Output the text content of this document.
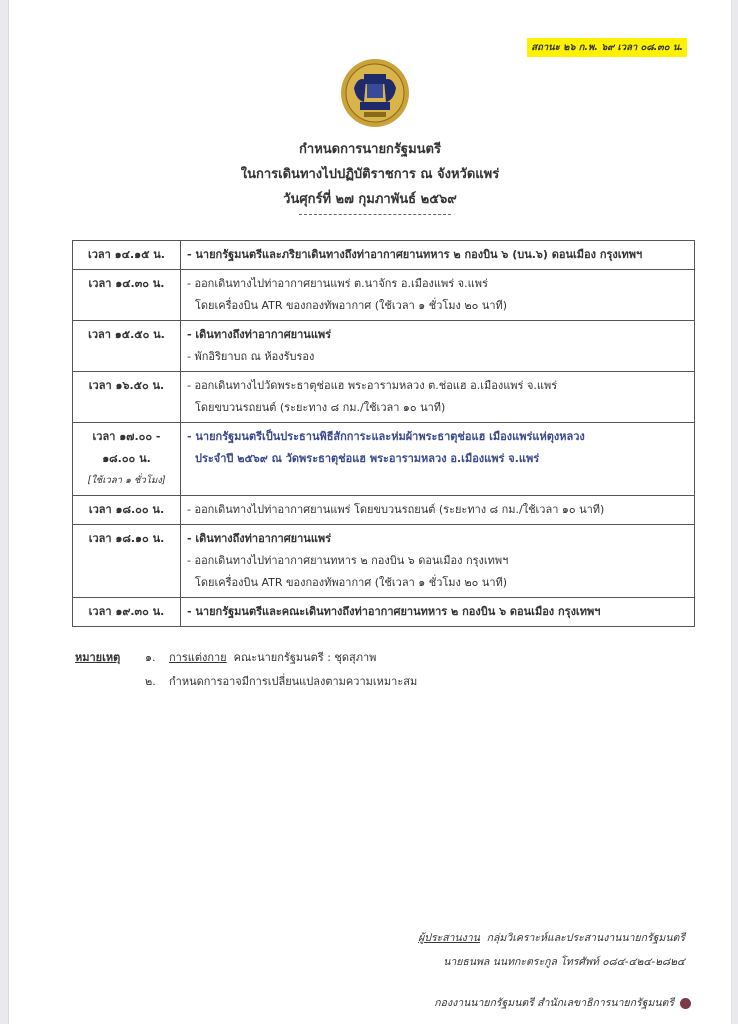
สถานะ ๒๖ ก.พ. ๖๙ เวลา ๐๘.๓๐ น.
กำหนดการนายกรัฐมนตรี
ในการเดินทางไปปฏิบัติราชการ ณ จังหวัดแพร่
วันศุกร์ที่ ๒๗ กุมภาพันธ์ ๒๕๖๙
เวลา ๑๔.๑๕ น.	- นายกรัฐมนตรีและภริยาเดินทางถึงท่าอากาศยานทหาร ๒ กองบิน ๖ (บน.๖) ดอนเมือง กรุงเทพฯ

เวลา ๑๔.๓๐ น.	- ออกเดินทางไปท่าอากาศยานแพร่ ต.นาจักร อ.เมืองแพร่ จ.แพร่
โดยเครื่องบิน ATR ของกองทัพอากาศ (ใช้เวลา ๑ ชั่วโมง ๒๐ นาที)

เวลา ๑๕.๕๐ น.	- เดินทางถึงท่าอากาศยานแพร่
- พักอิริยาบถ ณ ห้องรับรอง

เวลา ๑๖.๕๐ น.	- ออกเดินทางไปวัดพระธาตุช่อแฮ พระอารามหลวง ต.ช่อแฮ อ.เมืองแพร่ จ.แพร่
โดยขบวนรถยนต์ (ระยะทาง ๘ กม./ใช้เวลา ๑๐ นาที)

เวลา ๑๗.๐๐ -
๑๘.๐๐ น.
[ใช้เวลา ๑ ชั่วโมง]	- นายกรัฐมนตรีเป็นประธานพิธีสักการะและห่มผ้าพระธาตุช่อแฮ เมืองแพร่แห่ตุงหลวง
ประจำปี ๒๕๖๙ ณ วัดพระธาตุช่อแฮ พระอารามหลวง อ.เมืองแพร่ จ.แพร่

เวลา ๑๘.๐๐ น.	- ออกเดินทางไปท่าอากาศยานแพร่ โดยขบวนรถยนต์ (ระยะทาง ๘ กม./ใช้เวลา ๑๐ นาที)

เวลา ๑๘.๑๐ น.	- เดินทางถึงท่าอากาศยานแพร่
- ออกเดินทางไปท่าอากาศยานทหาร ๒ กองบิน ๖ ดอนเมือง กรุงเทพฯ
โดยเครื่องบิน ATR ของกองทัพอากาศ (ใช้เวลา ๑ ชั่วโมง ๒๐ นาที)

เวลา ๑๙.๓๐ น.	- นายกรัฐมนตรีและคณะเดินทางถึงท่าอากาศยานทหาร ๒ กองบิน ๖ ดอนเมือง กรุงเทพฯ
หมายเหตุ ๑. การแต่งกาย คณะนายกรัฐมนตรี : ชุดสุภาพ
๒. กำหนดการอาจมีการเปลี่ยนแปลงตามความเหมาะสม
ผู้ประสานงาน กลุ่มวิเคราะห์และประสานงานนายกรัฐมนตรี
นายธนพล นนทกะตระกูล โทรศัพท์ ๐๘๔-๔๒๔-๒๘๒๔
กองงานนายกรัฐมนตรี สำนักเลขาธิการนายกรัฐมนตรี
